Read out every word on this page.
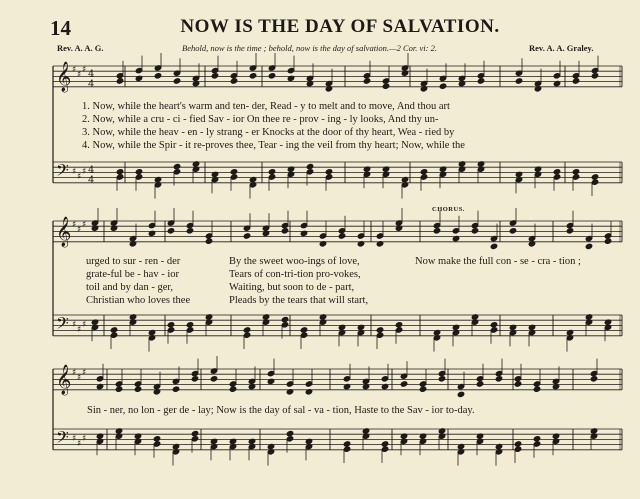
14	NOW IS THE DAY OF SALVATION.
Rev. A. A. G.	Behold, now is the time ; behold, now is the day of salvation.—2 Cor. vi: 2.	Rev. A. A. Graley.
𝄞
𝄢
♯
♯
♯
♯
♯
♯
4
4
4
4
𝄞
𝄢
♯
♯
♯
♯
♯
♯
𝄞
𝄢
♯
♯
♯
♯
♯
♯
CHORUS.
1. Now, while the heart's warm and ten- der, Read - y to melt and to move, And thou art
2. Now, while a cru - ci - fied Sav - ior On thee re - prov - ing - ly looks, And thy un-
3. Now, while the heav - en - ly strang - er Knocks at the door of thy heart, Wea - ried by
4. Now, while the Spir - it re-proves thee, Tear - ing the veil from thy heart; Now, while the
urged to sur - ren - der
grate-ful be - hav - ior
toil and by dan - ger,
Christian who loves thee
By the sweet woo-ings of love,
Tears of con-tri-tion pro-vokes,
Waiting, but soon to de - part,
Pleads by the tears that will start,
Now make the full con - se - cra - tion ;
Sin - ner, no lon - ger de - lay; Now is the day of sal - va - tion, Haste to the Sav - ior to-day.
